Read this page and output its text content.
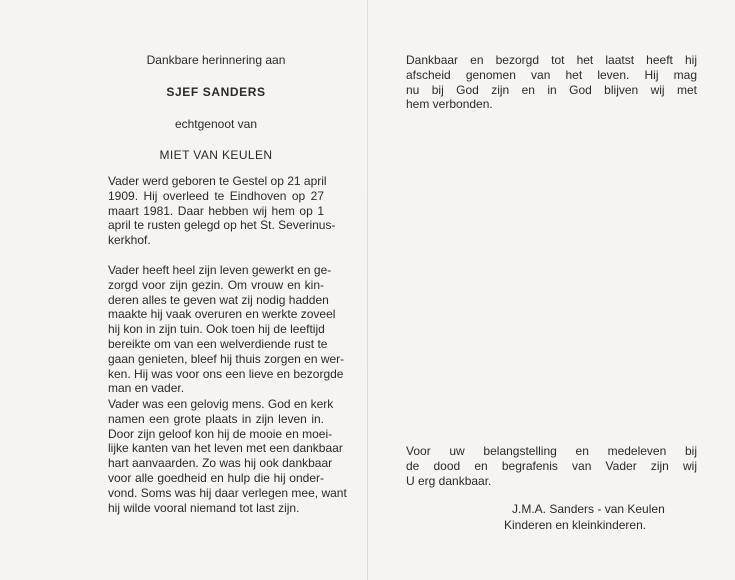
Dankbare herinnering aan
SJEF SANDERS
echtgenoot van
MIET VAN KEULEN
Vader werd geboren te Gestel op 21 april
1909. Hij overleed te Eindhoven op 27
maart 1981. Daar hebben wij hem op 1
april te rusten gelegd op het St. Severinus-
kerkhof.
Vader heeft heel zijn leven gewerkt en ge-
zorgd voor zijn gezin. Om vrouw en kin-
deren alles te geven wat zij nodig hadden
maakte hij vaak overuren en werkte zoveel
hij kon in zijn tuin. Ook toen hij de leeftijd
bereikte om van een welverdiende rust te
gaan genieten, bleef hij thuis zorgen en wer-
ken. Hij was voor ons een lieve en bezorgde
man en vader.
Vader was een gelovig mens. God en kerk
namen een grote plaats in zijn leven in.
Door zijn geloof kon hij de mooie en moei-
lijke kanten van het leven met een dankbaar
hart aanvaarden. Zo was hij ook dankbaar
voor alle goedheid en hulp die hij onder-
vond. Soms was hij daar verlegen mee, want
hij wilde vooral niemand tot last zijn.
Dankbaar en bezorgd tot het laatst heeft hij
afscheid genomen van het leven. Hij mag
nu bij God zijn en in God blijven wij met
hem verbonden.
Voor uw belangstelling en medeleven bij
de dood en begrafenis van Vader zijn wij
U erg dankbaar.
J.M.A. Sanders - van Keulen
Kinderen en kleinkinderen.
